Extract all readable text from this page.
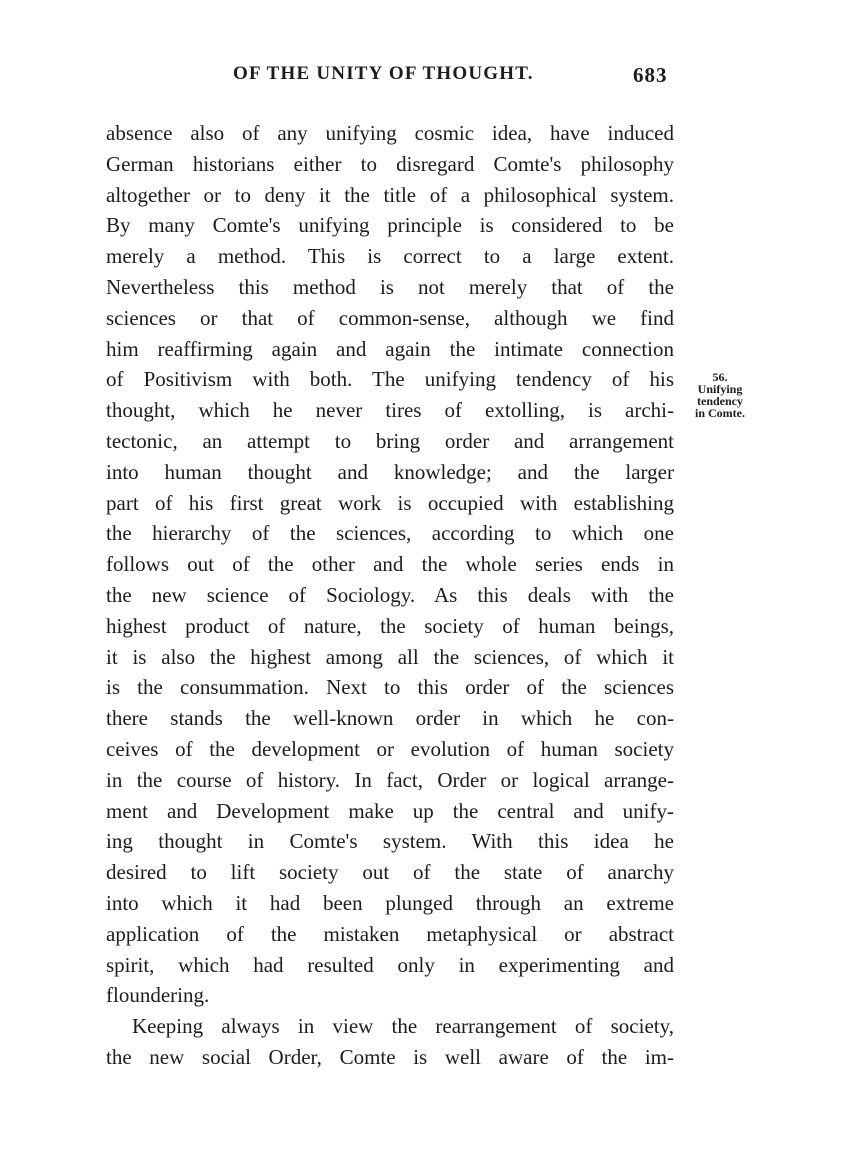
OF THE UNITY OF THOUGHT.	683
56.
Unifying
tendency
in Comte.
absence also of any unifying cosmic idea, have induced
German historians either to disregard Comte's philosophy
altogether or to deny it the title of a philosophical system.
By many Comte's unifying principle is considered to be
merely a method. This is correct to a large extent.
Nevertheless this method is not merely that of the
sciences or that of common-sense, although we find
him reaffirming again and again the intimate connection
of Positivism with both. The unifying tendency of his
thought, which he never tires of extolling, is archi-
tectonic, an attempt to bring order and arrangement
into human thought and knowledge; and the larger
part of his first great work is occupied with establishing
the hierarchy of the sciences, according to which one
follows out of the other and the whole series ends in
the new science of Sociology. As this deals with the
highest product of nature, the society of human beings,
it is also the highest among all the sciences, of which it
is the consummation. Next to this order of the sciences
there stands the well-known order in which he con-
ceives of the development or evolution of human society
in the course of history. In fact, Order or logical arrange-
ment and Development make up the central and unify-
ing thought in Comte's system. With this idea he
desired to lift society out of the state of anarchy
into which it had been plunged through an extreme
application of the mistaken metaphysical or abstract
spirit, which had resulted only in experimenting and
floundering.
Keeping always in view the rearrangement of society,
the new social Order, Comte is well aware of the im-
